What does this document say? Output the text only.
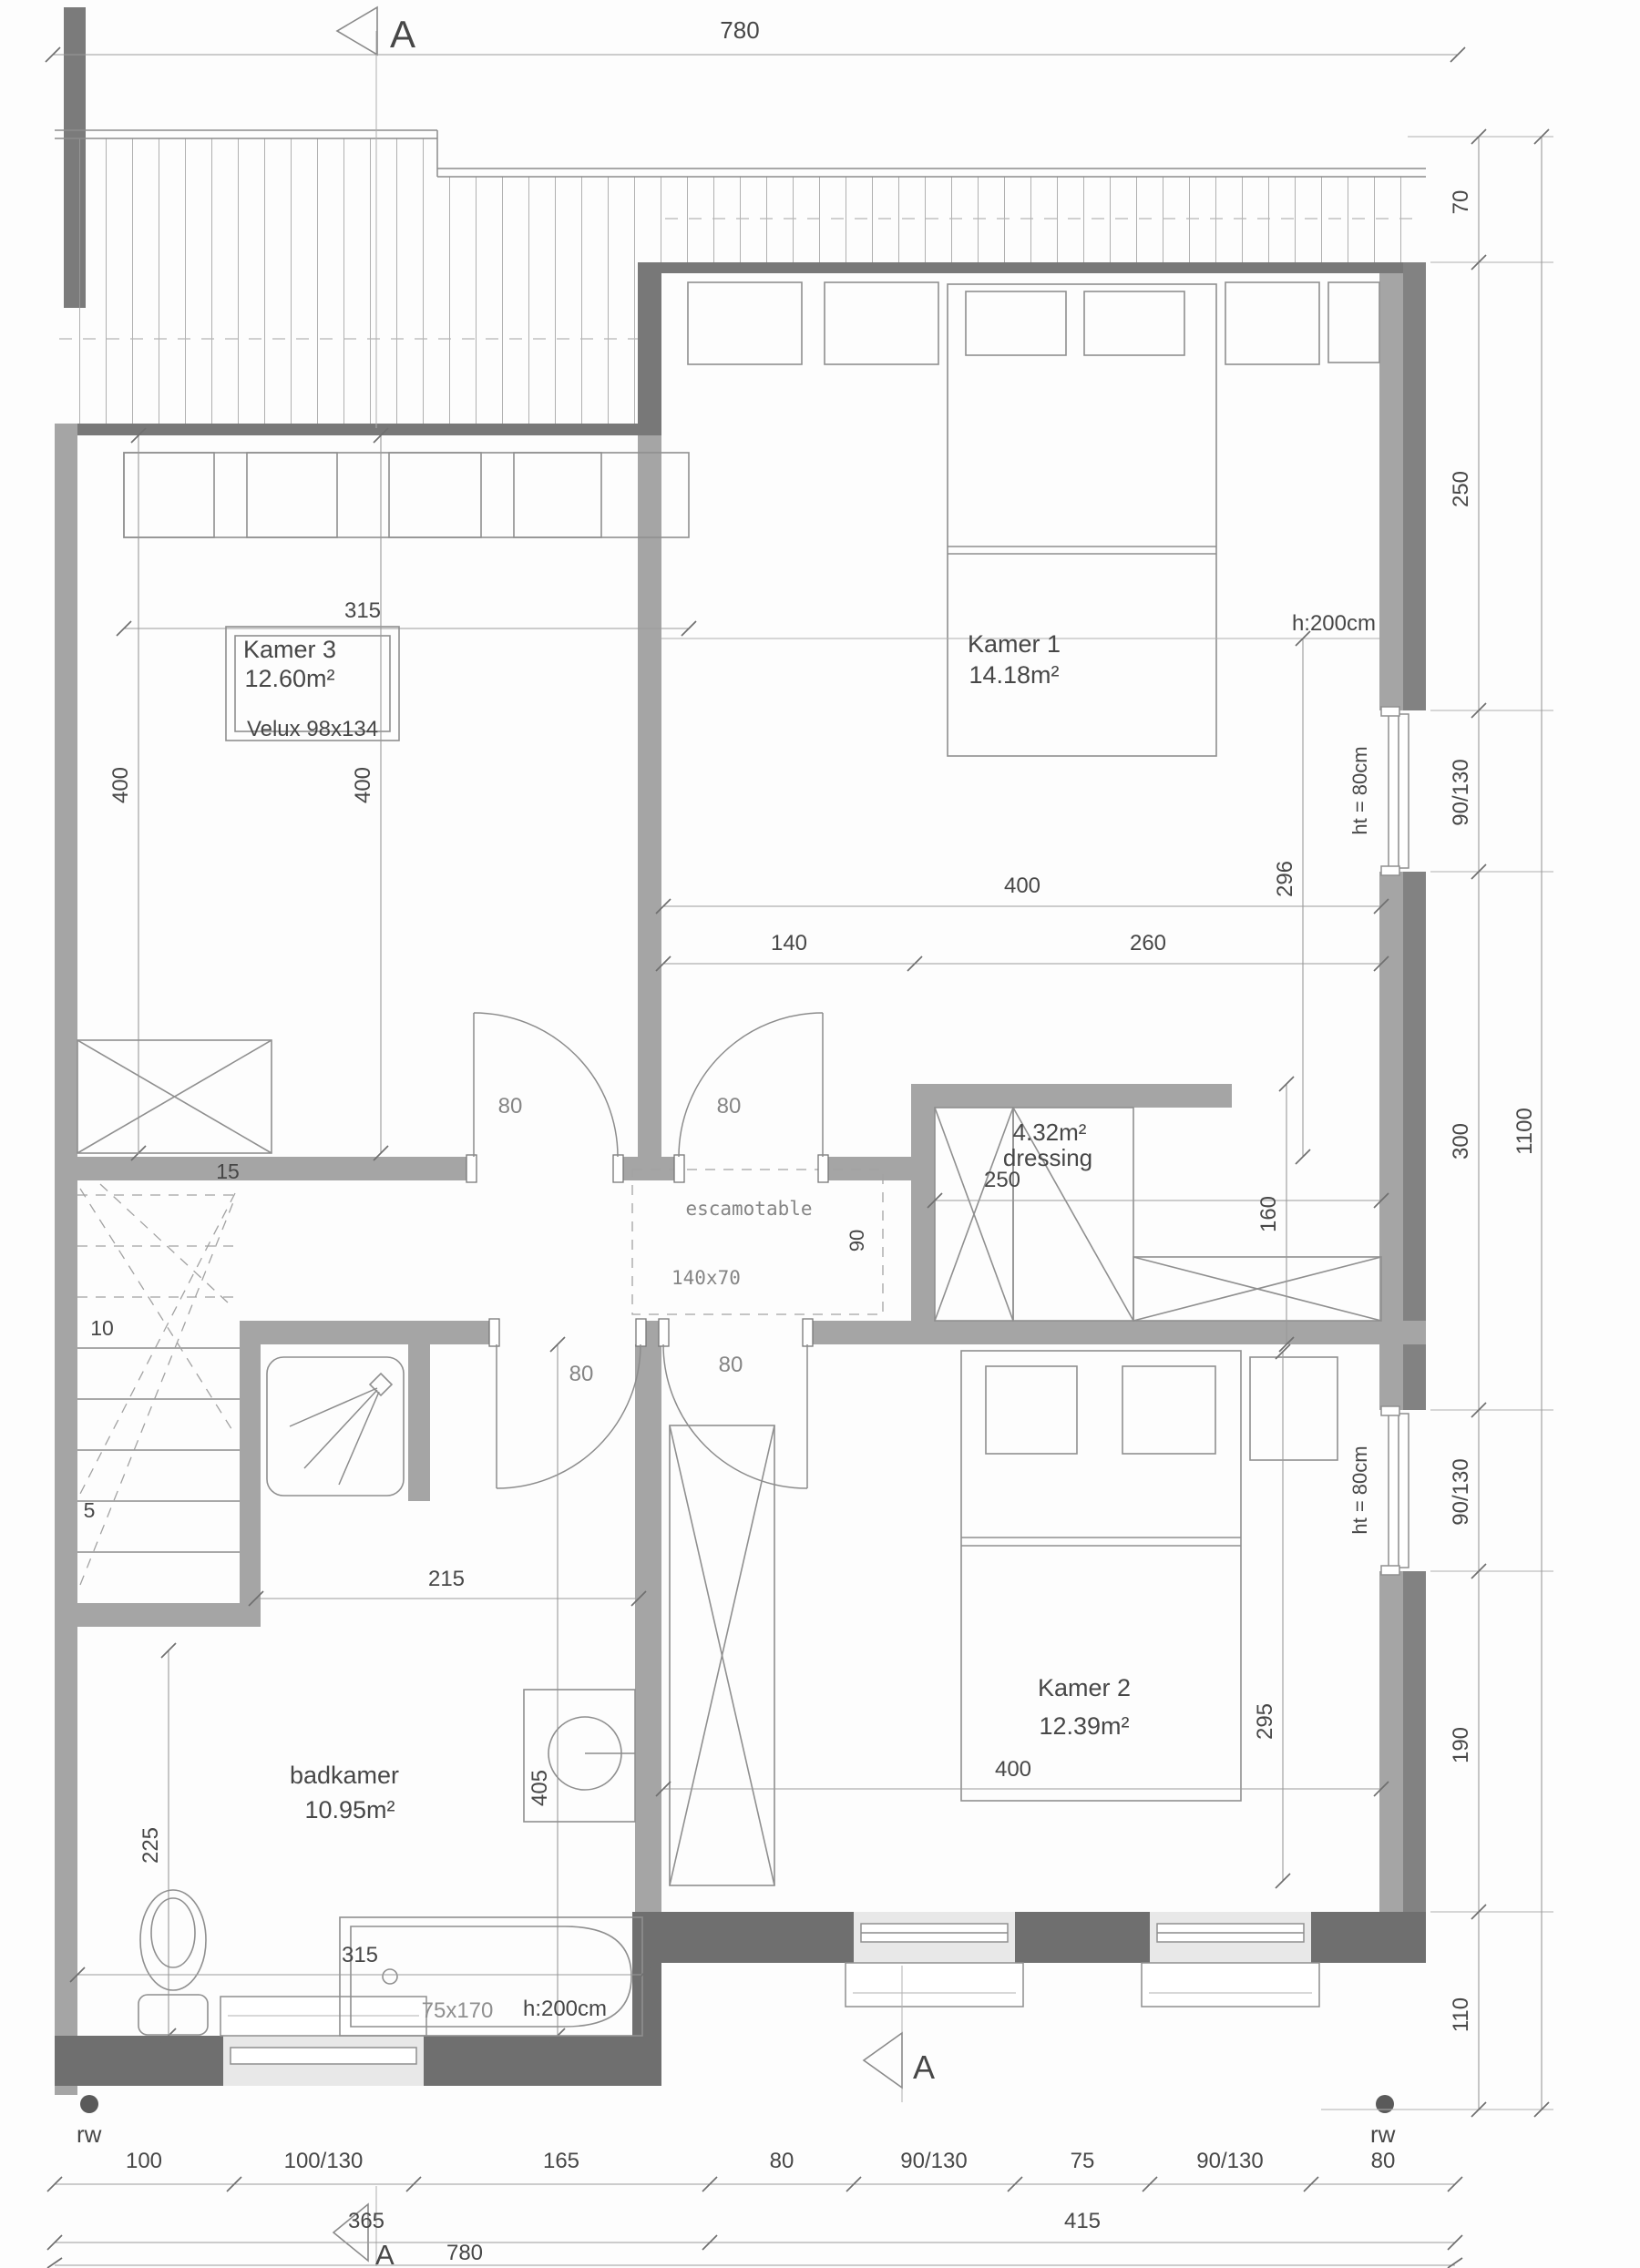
ht = 80cm
ht = 80cm
315
Kamer 3
12.60m²
Velux 98x134
400	400
h:200cm
Kamer 1
14.18m²
296
400
140	260
4.32m²
dressing
250
160
escamotable
140x70
90
80	80
80	80
15
10
5
badkamer
10.95m²
215
405
225
315
75x170 h:200cm
Kamer 2
12.39m²
400
295
A
A
A
rw	rw
780
70
250
90/130
300
90/130
190
110
1100
100	100/130	165	80	90/130	75	90/130	80
365	415
780
